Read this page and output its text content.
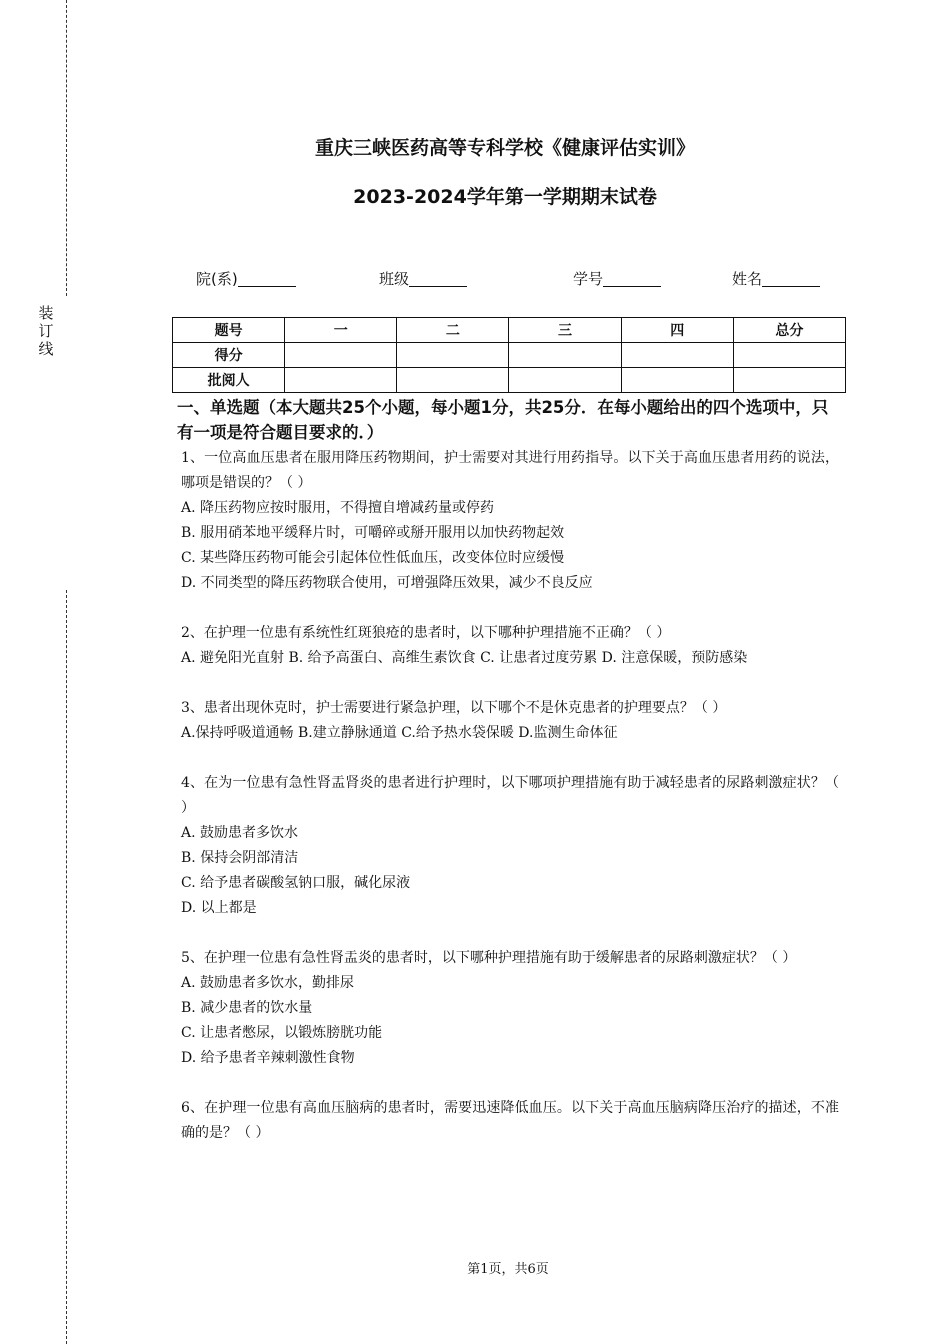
装
订
线
重庆三峡医药高等专科学校《健康评估实训》
2023-2024学年第一学期期末试卷
院(系)	班级	学号	姓名
题号	一	二	三	四	总分
得分					
批阅人					
一、单选题（本大题共25个小题，每小题1分，共25分．在每小题给出的四个选项中，只有一项是符合题目要求的．）

1、一位高血压患者在服用降压药物期间，护士需要对其进行用药指导。以下关于高血压患者用药的说法，哪项是错误的？（ ）

A. 降压药物应按时服用，不得擅自增减药量或停药

B. 服用硝苯地平缓释片时，可嚼碎或掰开服用以加快药物起效

C. 某些降压药物可能会引起体位性低血压，改变体位时应缓慢

D. 不同类型的降压药物联合使用，可增强降压效果，减少不良反应

2、在护理一位患有系统性红斑狼疮的患者时，以下哪种护理措施不正确？（ ）

A. 避免阳光直射 B. 给予高蛋白、高维生素饮食 C. 让患者过度劳累 D. 注意保暖，预防感染

3、患者出现休克时，护士需要进行紧急护理，以下哪个不是休克患者的护理要点？（ ）

A.保持呼吸道通畅 B.建立静脉通道 C.给予热水袋保暖 D.监测生命体征

4、在为一位患有急性肾盂肾炎的患者进行护理时，以下哪项护理措施有助于减轻患者的尿路刺激症状？（ ）

A. 鼓励患者多饮水

B. 保持会阴部清洁

C. 给予患者碳酸氢钠口服，碱化尿液

D. 以上都是

5、在护理一位患有急性肾盂炎的患者时，以下哪种护理措施有助于缓解患者的尿路刺激症状？（ ）

A. 鼓励患者多饮水，勤排尿

B. 减少患者的饮水量

C. 让患者憋尿，以锻炼膀胱功能

D. 给予患者辛辣刺激性食物

6、在护理一位患有高血压脑病的患者时，需要迅速降低血压。以下关于高血压脑病降压治疗的描述，不准确的是？（ ）

第1页，共6页
